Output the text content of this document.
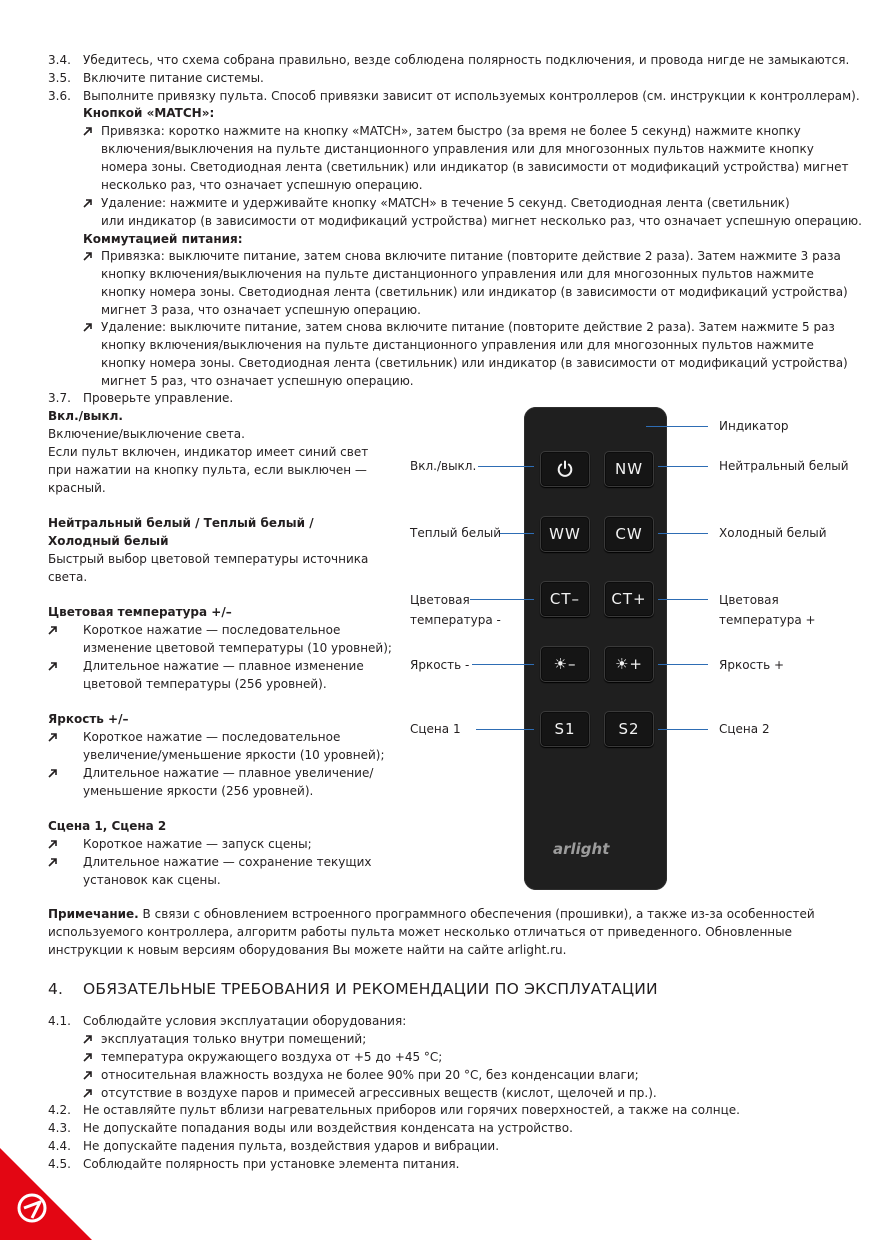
3.4. Убедитесь, что схема собрана правильно, везде соблюдена полярность подключения, и провода нигде не замыкаются.
3.5. Включите питание системы.
3.6. Выполните привязку пульта. Способ привязки зависит от используемых контроллеров (см. инструкции к контроллерам).
Кнопкой «MATCH»:
Привязка: коротко нажмите на кнопку «MATCH», затем быстро (за время не более 5 секунд) нажмите кнопку
включения/выключения на пульте дистанционного управления или для многозонных пультов нажмите кнопку
номера зоны. Светодиодная лента (светильник) или индикатор (в зависимости от модификаций устройства) мигнет
несколько раз, что означает успешную операцию.
Удаление: нажмите и удерживайте кнопку «MATCH» в течение 5 секунд. Светодиодная лента (светильник)
или индикатор (в зависимости от модификаций устройства) мигнет несколько раз, что означает успешную операцию.
Коммутацией питания:
Привязка: выключите питание, затем снова включите питание (повторите действие 2 раза). Затем нажмите 3 раза
кнопку включения/выключения на пульте дистанционного управления или для многозонных пультов нажмите
кнопку номера зоны. Светодиодная лента (светильник) или индикатор (в зависимости от модификаций устройства)
мигнет 3 раза, что означает успешную операцию.
Удаление: выключите питание, затем снова включите питание (повторите действие 2 раза). Затем нажмите 5 раз
кнопку включения/выключения на пульте дистанционного управления или для многозонных пультов нажмите
кнопку номера зоны. Светодиодная лента (светильник) или индикатор (в зависимости от модификаций устройства)
мигнет 5 раз, что означает успешную операцию.
3.7. Проверьте управление.
Вкл./выкл.
Включение/выключение света.
Если пульт включен, индикатор имеет синий свет
при нажатии на кнопку пульта, если выключен —
красный.
Нейтральный белый / Теплый белый /
Холодный белый
Быстрый выбор цветовой температуры источника
света.
Цветовая температура +/–
Короткое нажатие — последовательное
изменение цветовой температуры (10 уровней);
Длительное нажатие — плавное изменение
цветовой температуры (256 уровней).
Яркость +/–
Короткое нажатие — последовательное
увеличение/уменьшение яркости (10 уровней);
Длительное нажатие — плавное увеличение/
уменьшение яркости (256 уровней).
Сцена 1, Сцена 2
Короткое нажатие — запуск сцены;
Длительное нажатие — сохранение текущих
установок как сцены.
NW
WW	CW
CT–	CT+
☀–	☀+
S1	S2
arlight
Индикатор
Вкл./выкл.	Нейтральный белый
Теплый белый	Холодный белый
Цветовая
температура -
Цветовая
температура +
Яркость -	Яркость +
Сцена 1	Сцена 2
Примечание. В связи с обновлением встроенного программного обеспечения (прошивки), а также из-за особенностей
используемого контроллера, алгоритм работы пульта может несколько отличаться от приведенного. Обновленные
инструкции к новым версиям оборудования Вы можете найти на сайте arlight.ru.
4. ОБЯЗАТЕЛЬНЫЕ ТРЕБОВАНИЯ И РЕКОМЕНДАЦИИ ПО ЭКСПЛУАТАЦИИ
4.1. Соблюдайте условия эксплуатации оборудования:
эксплуатация только внутри помещений;
температура окружающего воздуха от +5 до +45 °C;
относительная влажность воздуха не более 90% при 20 °C, без конденсации влаги;
отсутствие в воздухе паров и примесей агрессивных веществ (кислот, щелочей и пр.).
4.2. Не оставляйте пульт вблизи нагревательных приборов или горячих поверхностей, а также на солнце.
4.3. Не допускайте попадания воды или воздействия конденсата на устройство.
4.4. Не допускайте падения пульта, воздействия ударов и вибрации.
4.5. Соблюдайте полярность при установке элемента питания.
